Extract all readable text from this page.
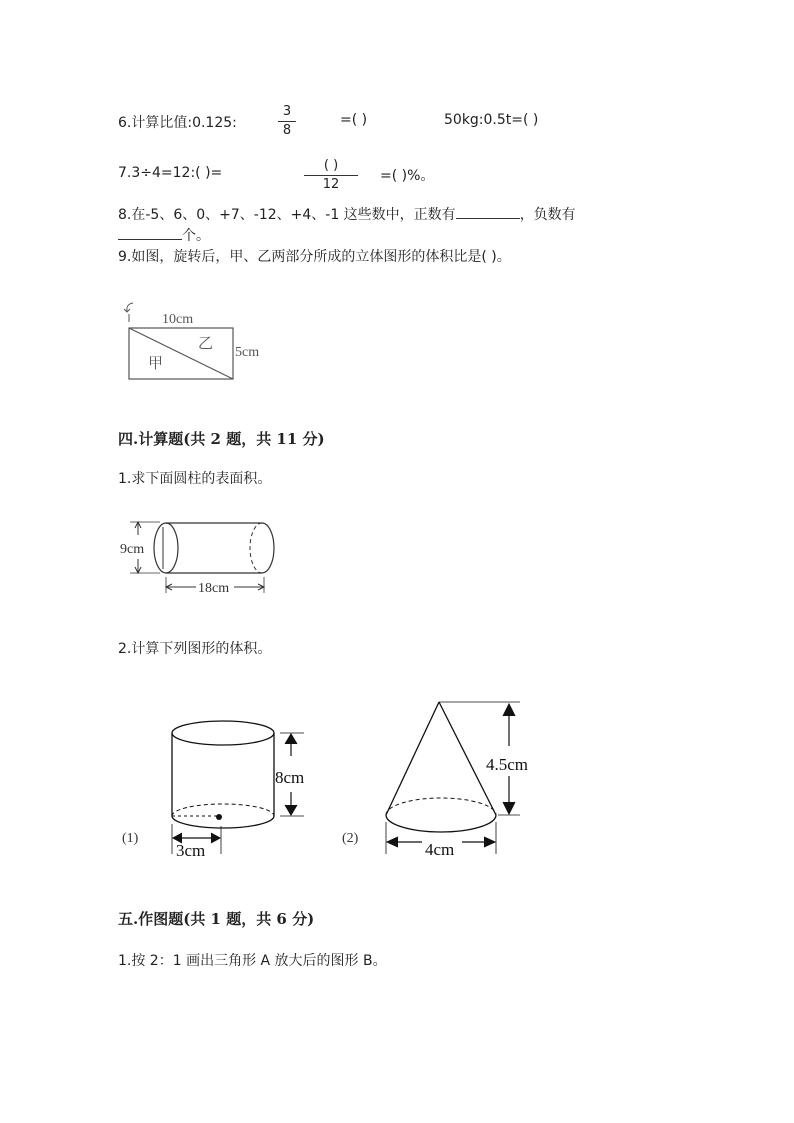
6.计算比值:0.125:
3
8
=( )	50kg:0.5t=( )
7.3÷4=12:( )=	( )
12
=( )%。
8.在-5、6、0、+7、-12、+4、-1 这些数中，正数有	，负数有
个。
9.如图，旋转后，甲、乙两部分所成的立体图形的体积比是( )。
10cm
乙
甲
5cm
四.计算题(共 2 题，共 11 分)
1.求下面圆柱的表面积。
9cm
18cm
2.计算下列图形的体积。
(1)
8cm
3cm
(2)
4.5cm
4cm
五.作图题(共 1 题，共 6 分)
1.按 2：1 画出三角形 A 放大后的图形 B。
